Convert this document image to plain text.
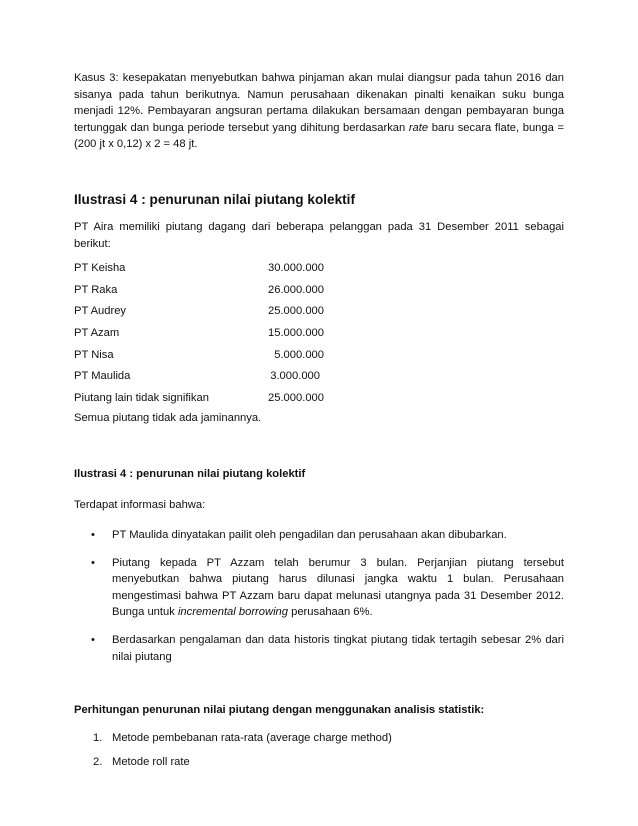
Kasus 3: kesepakatan menyebutkan bahwa pinjaman akan mulai diangsur pada tahun 2016 dan sisanya pada tahun berikutnya. Namun perusahaan dikenakan pinalti kenaikan suku bunga menjadi 12%. Pembayaran angsuran pertama dilakukan bersamaan dengan pembayaran bunga tertunggak dan bunga periode tersebut yang dihitung berdasarkan rate baru secara flate, bunga =(200 jt x 0,12) x 2 = 48 jt.

Ilustrasi 4 : penurunan nilai piutang kolektif

PT Aira memiliki piutang dagang dari beberapa pelanggan pada 31 Desember 2011 sebagai berikut:

PT Keisha	30.000.000
PT Raka	26.000.000
PT Audrey	25.000.000
PT Azam	15.000.000
PT Nisa	5.000.000
PT Maulida	3.000.000
Piutang lain tidak signifikan	25.000.000

Semua piutang tidak ada jaminannya.

Ilustrasi 4 : penurunan nilai piutang kolektif

Terdapat informasi bahwa:

• PT Maulida dinyatakan pailit oleh pengadilan dan perusahaan akan dibubarkan.
• Piutang kepada PT Azzam telah berumur 3 bulan. Perjanjian piutang tersebut menyebutkan bahwa piutang harus dilunasi jangka waktu 1 bulan. Perusahaan mengestimasi bahwa PT Azzam baru dapat melunasi utangnya pada 31 Desember 2012. Bunga untuk incremental borrowing perusahaan 6%.
• Berdasarkan pengalaman dan data historis tingkat piutang tidak tertagih sebesar 2% dari nilai piutang

Perhitungan penurunan nilai piutang dengan menggunakan analisis statistik:

1. Metode pembebanan rata-rata (average charge method)
2. Metode roll rate
